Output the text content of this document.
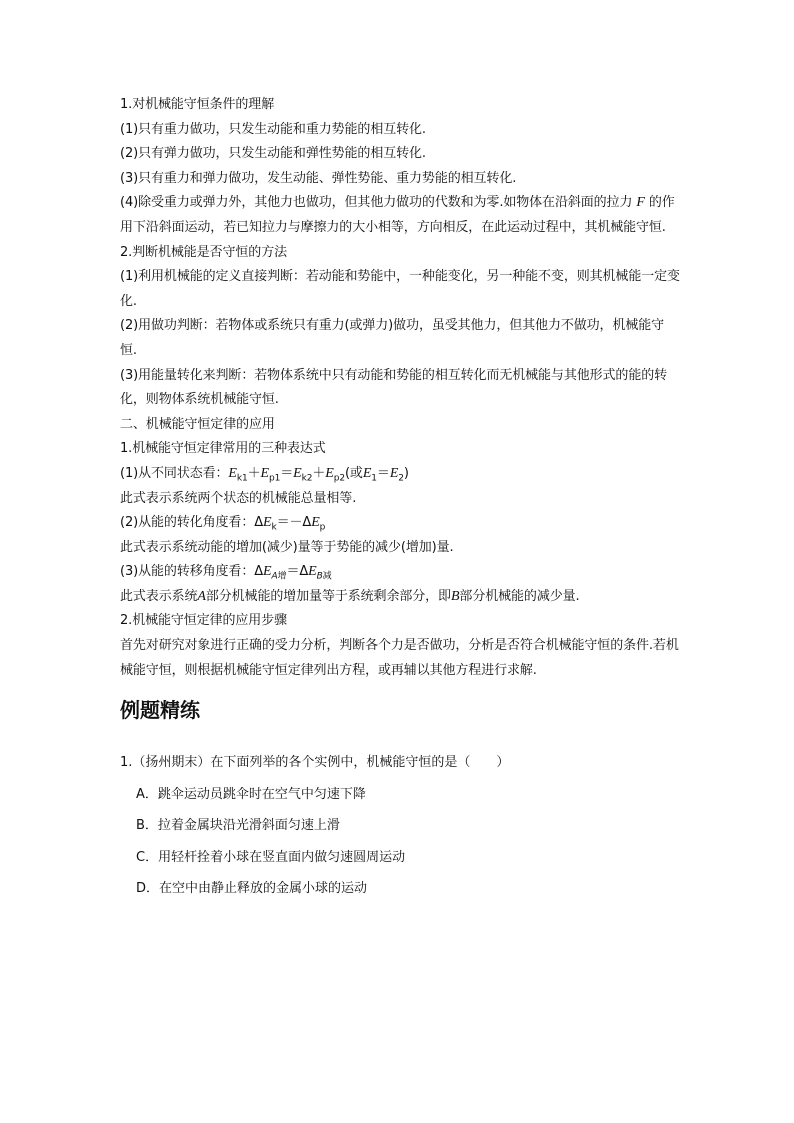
1.对机械能守恒条件的理解
(1)只有重力做功，只发生动能和重力势能的相互转化.
(2)只有弹力做功，只发生动能和弹性势能的相互转化.
(3)只有重力和弹力做功，发生动能、弹性势能、重力势能的相互转化.
(4)除受重力或弹力外，其他力也做功，但其他力做功的代数和为零.如物体在沿斜面的拉力 F 的作用下沿斜面运动，若已知拉力与摩擦力的大小相等，方向相反，在此运动过程中，其机械能守恒.
2.判断机械能是否守恒的方法
(1)利用机械能的定义直接判断：若动能和势能中，一种能变化，另一种能不变，则其机械能一定变化.
(2)用做功判断：若物体或系统只有重力(或弹力)做功，虽受其他力，但其他力不做功，机械能守恒.
(3)用能量转化来判断：若物体系统中只有动能和势能的相互转化而无机械能与其他形式的能的转化，则物体系统机械能守恒.
二、机械能守恒定律的应用
1.机械能守恒定律常用的三种表达式
(1)从不同状态看：$E_{k1}+E_{p1}=E_{k2}+E_{p2}$(或$E_1=E_2$)
此式表示系统两个状态的机械能总量相等.
(2)从能的转化角度看：$\Delta E_k=-\Delta E_p$
此式表示系统动能的增加(减少)量等于势能的减少(增加)量.
(3)从能的转移角度看：$\Delta E_{A增}=\Delta E_{B减}$
此式表示系统A部分机械能的增加量等于系统剩余部分，即B部分机械能的减少量.
2.机械能守恒定律的应用步骤
首先对研究对象进行正确的受力分析，判断各个力是否做功，分析是否符合机械能守恒的条件.若机械能守恒，则根据机械能守恒定律列出方程，或再辅以其他方程进行求解.
例题精练
1.（扬州期末）在下面列举的各个实例中，机械能守恒的是（　　）
A．跳伞运动员跳伞时在空气中匀速下降
B．拉着金属块沿光滑斜面匀速上滑
C．用轻杆拴着小球在竖直面内做匀速圆周运动
D．在空中由静止释放的金属小球的运动
